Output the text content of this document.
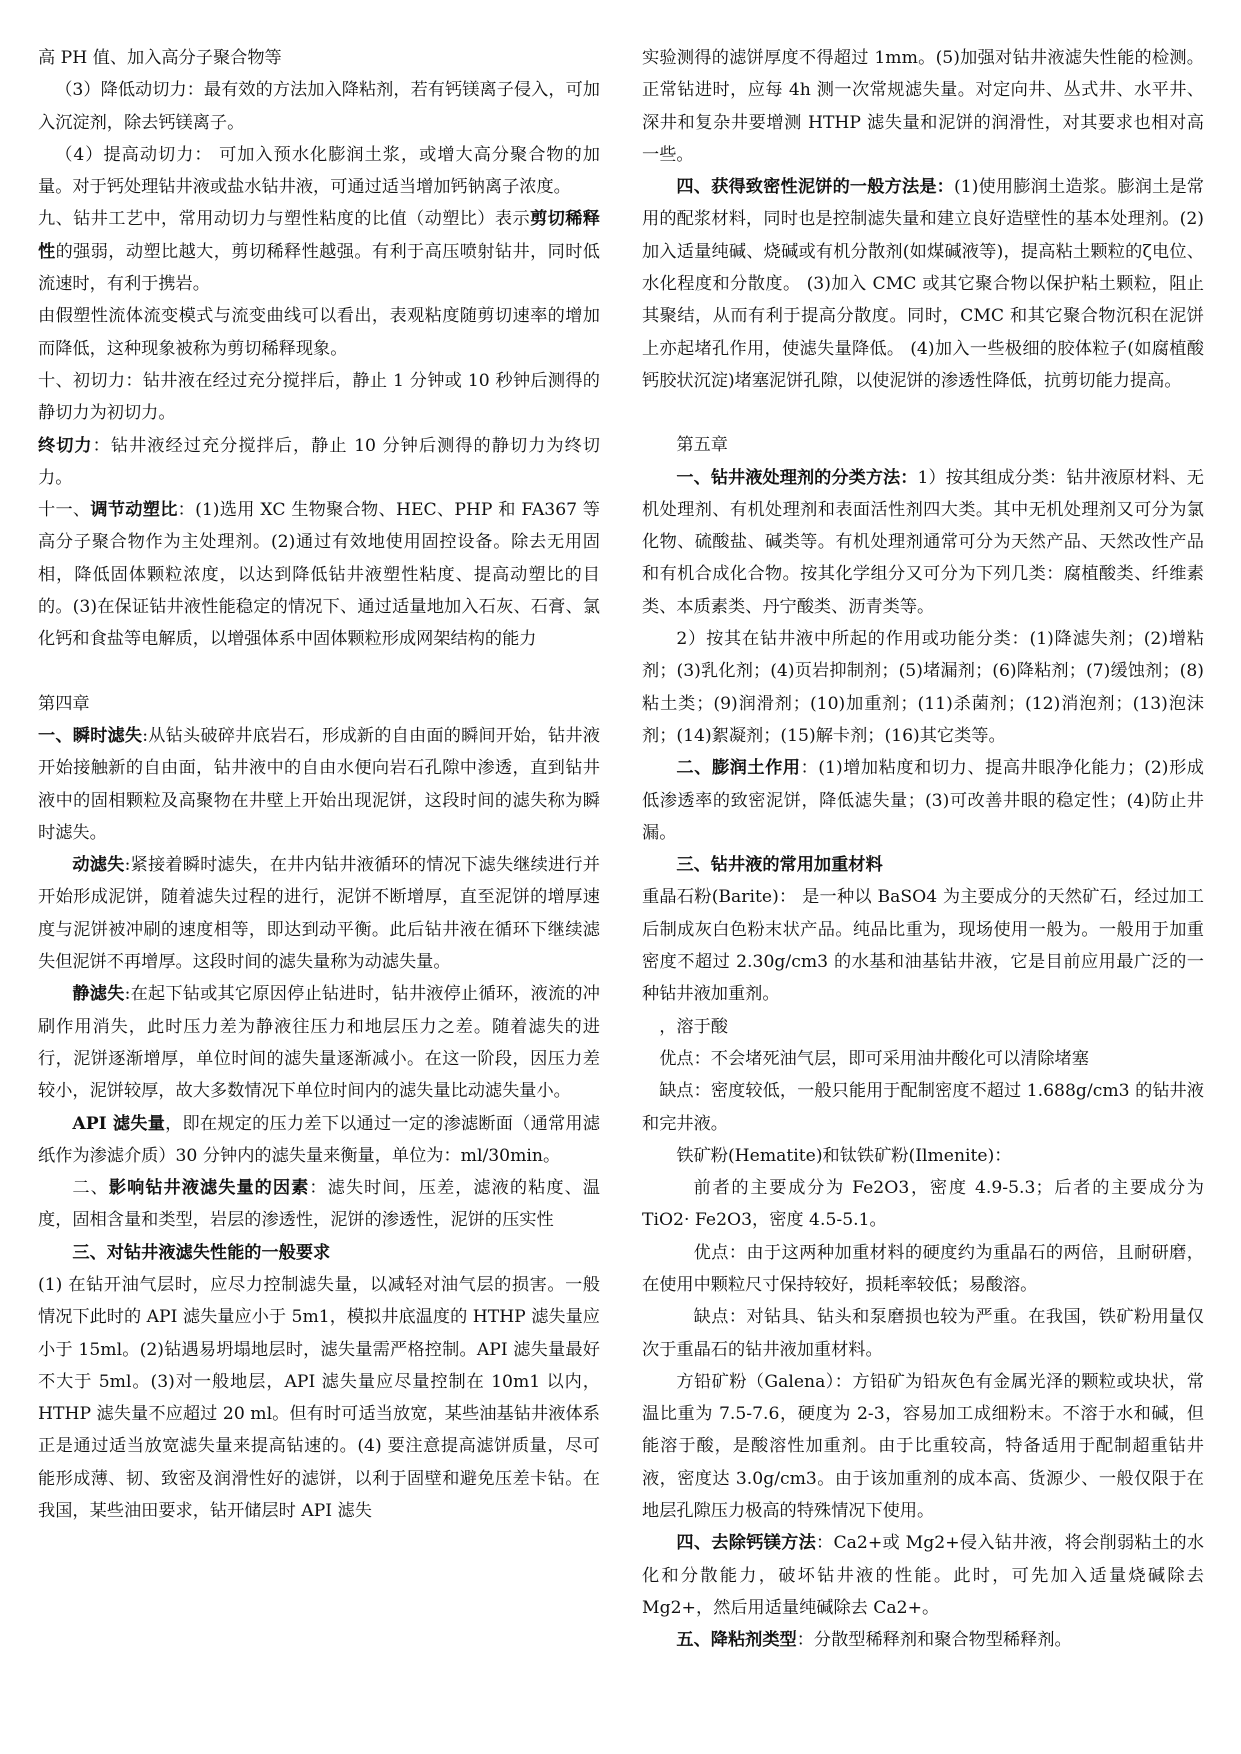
高 PH 值、加入高分子聚合物等

（3）降低动切力：最有效的方法加入降粘剂，若有钙镁离子侵入，可加入沉淀剂，除去钙镁离子。

（4）提高动切力： 可加入预水化膨润土浆，或增大高分聚合物的加量。对于钙处理钻井液或盐水钻井液，可通过适当增加钙钠离子浓度。

九、钻井工艺中，常用动切力与塑性粘度的比值（动塑比）表示剪切稀释性的强弱，动塑比越大，剪切稀释性越强。有利于高压喷射钻井，同时低流速时，有利于携岩。

由假塑性流体流变模式与流变曲线可以看出，表观粘度随剪切速率的增加而降低，这种现象被称为剪切稀释现象。

十、初切力：钻井液在经过充分搅拌后，静止 1 分钟或 10 秒钟后测得的静切力为初切力。

终切力：钻井液经过充分搅拌后，静止 10 分钟后测得的静切力为终切力。

十一、调节动塑比：(1)选用 XC 生物聚合物、HEC、PHP 和 FA367 等高分子聚合物作为主处理剂。(2)通过有效地使用固控设备。除去无用固相，降低固体颗粒浓度，以达到降低钻井液塑性粘度、提高动塑比的目的。(3)在保证钻井液性能稳定的情况下、通过适量地加入石灰、石膏、氯化钙和食盐等电解质，以增强体系中固体颗粒形成网架结构的能力

第四章

一、瞬时滤失:从钻头破碎井底岩石，形成新的自由面的瞬间开始，钻井液开始接触新的自由面，钻井液中的自由水便向岩石孔隙中渗透，直到钻井液中的固相颗粒及高聚物在井壁上开始出现泥饼，这段时间的滤失称为瞬时滤失。

动滤失:紧接着瞬时滤失，在井内钻井液循环的情况下滤失继续进行并开始形成泥饼，随着滤失过程的进行，泥饼不断增厚，直至泥饼的增厚速度与泥饼被冲刷的速度相等，即达到动平衡。此后钻井液在循环下继续滤失但泥饼不再增厚。这段时间的滤失量称为动滤失量。

静滤失:在起下钻或其它原因停止钻进时，钻井液停止循环，液流的冲刷作用消失，此时压力差为静液往压力和地层压力之差。随着滤失的进行，泥饼逐渐增厚，单位时间的滤失量逐渐减小。在这一阶段，因压力差较小，泥饼较厚，故大多数情况下单位时间内的滤失量比动滤失量小。

API 滤失量，即在规定的压力差下以通过一定的渗滤断面（通常用滤纸作为渗滤介质）30 分钟内的滤失量来衡量，单位为：ml/30min。

二、影响钻井液滤失量的因素：滤失时间，压差，滤液的粘度、温度，固相含量和类型，岩层的渗透性，泥饼的渗透性，泥饼的压实性

三、对钻井液滤失性能的一般要求

(1) 在钻开油气层时，应尽力控制滤失量，以减轻对油气层的损害。一般情况下此时的 API 滤失量应小于 5m1，模拟井底温度的 HTHP 滤失量应小于 15ml。(2)钻遇易坍塌地层时，滤失量需严格控制。API 滤失量最好不大于 5ml。(3)对一般地层，API 滤失量应尽量控制在 10m1 以内，HTHP 滤失量不应超过 20 ml。但有时可适当放宽，某些油基钻井液体系正是通过适当放宽滤失量来提高钻速的。(4) 要注意提高滤饼质量，尽可能形成薄、韧、致密及润滑性好的滤饼，以利于固壁和避免压差卡钻。在我国，某些油田要求，钻开储层时 API 滤失

实验测得的滤饼厚度不得超过 1mm。(5)加强对钻井液滤失性能的检测。正常钻进时，应每 4h 测一次常规滤失量。对定向井、丛式井、水平井、深井和复杂井要增测 HTHP 滤失量和泥饼的润滑性，对其要求也相对高一些。

四、获得致密性泥饼的一般方法是：(1)使用膨润土造浆。膨润土是常用的配浆材料，同时也是控制滤失量和建立良好造壁性的基本处理剂。(2)加入适量纯碱、烧碱或有机分散剂(如煤碱液等)，提高粘土颗粒的ζ电位、水化程度和分散度。 (3)加入 CMC 或其它聚合物以保护粘土颗粒，阻止其聚结，从而有利于提高分散度。同时，CMC 和其它聚合物沉积在泥饼上亦起堵孔作用，使滤失量降低。 (4)加入一些极细的胶体粒子(如腐植酸钙胶状沉淀)堵塞泥饼孔隙，以使泥饼的渗透性降低，抗剪切能力提高。

第五章

一、钻井液处理剂的分类方法：1）按其组成分类：钻井液原材料、无机处理剂、有机处理剂和表面活性剂四大类。其中无机处理剂又可分为氯化物、硫酸盐、碱类等。有机处理剂通常可分为天然产品、天然改性产品和有机合成化合物。按其化学组分又可分为下列几类：腐植酸类、纤维素类、本质素类、丹宁酸类、沥青类等。

2）按其在钻井液中所起的作用或功能分类：(1)降滤失剂；(2)增粘剂；(3)乳化剂；(4)页岩抑制剂；(5)堵漏剂；(6)降粘剂；(7)缓蚀剂；(8)粘土类；(9)润滑剂；(10)加重剂；(11)杀菌剂；(12)消泡剂；(13)泡沫剂；(14)絮凝剂；(15)解卡剂；(16)其它类等。

二、膨润土作用：(1)增加粘度和切力、提高井眼净化能力；(2)形成低渗透率的致密泥饼，降低滤失量；(3)可改善井眼的稳定性；(4)防止井漏。

三、钻井液的常用加重材料

重晶石粉(Barite)： 是一种以 BaSO4 为主要成分的天然矿石，经过加工后制成灰白色粉末状产品。纯品比重为，现场使用一般为。一般用于加重密度不超过 2.30g/cm3 的水基和油基钻井液，它是目前应用最广泛的一种钻井液加重剂。

，溶于酸

优点：不会堵死油气层，即可采用油井酸化可以清除堵塞

缺点：密度较低，一般只能用于配制密度不超过 1.688g/cm3 的钻井液和完井液。

铁矿粉(Hematite)和钛铁矿粉(Ilmenite)：

前者的主要成分为 Fe2O3，密度 4.9-5.3；后者的主要成分为 TiO2· Fe2O3，密度 4.5-5.1。

优点：由于这两种加重材料的硬度约为重晶石的两倍，且耐研磨，在使用中颗粒尺寸保持较好，损耗率较低；易酸溶。

缺点：对钻具、钻头和泵磨损也较为严重。在我国，铁矿粉用量仅次于重晶石的钻井液加重材料。

方铅矿粉（Galena）：方铅矿为铅灰色有金属光泽的颗粒或块状，常温比重为 7.5-7.6，硬度为 2-3，容易加工成细粉末。不溶于水和碱，但能溶于酸，是酸溶性加重剂。由于比重较高，特备适用于配制超重钻井液，密度达 3.0g/cm3。由于该加重剂的成本高、货源少、一般仅限于在地层孔隙压力极高的特殊情况下使用。

四、去除钙镁方法：Ca2+或 Mg2+侵入钻井液，将会削弱粘土的水化和分散能力，破坏钻井液的性能。此时，可先加入适量烧碱除去 Mg2+，然后用适量纯碱除去 Ca2+。

五、降粘剂类型：分散型稀释剂和聚合物型稀释剂。
